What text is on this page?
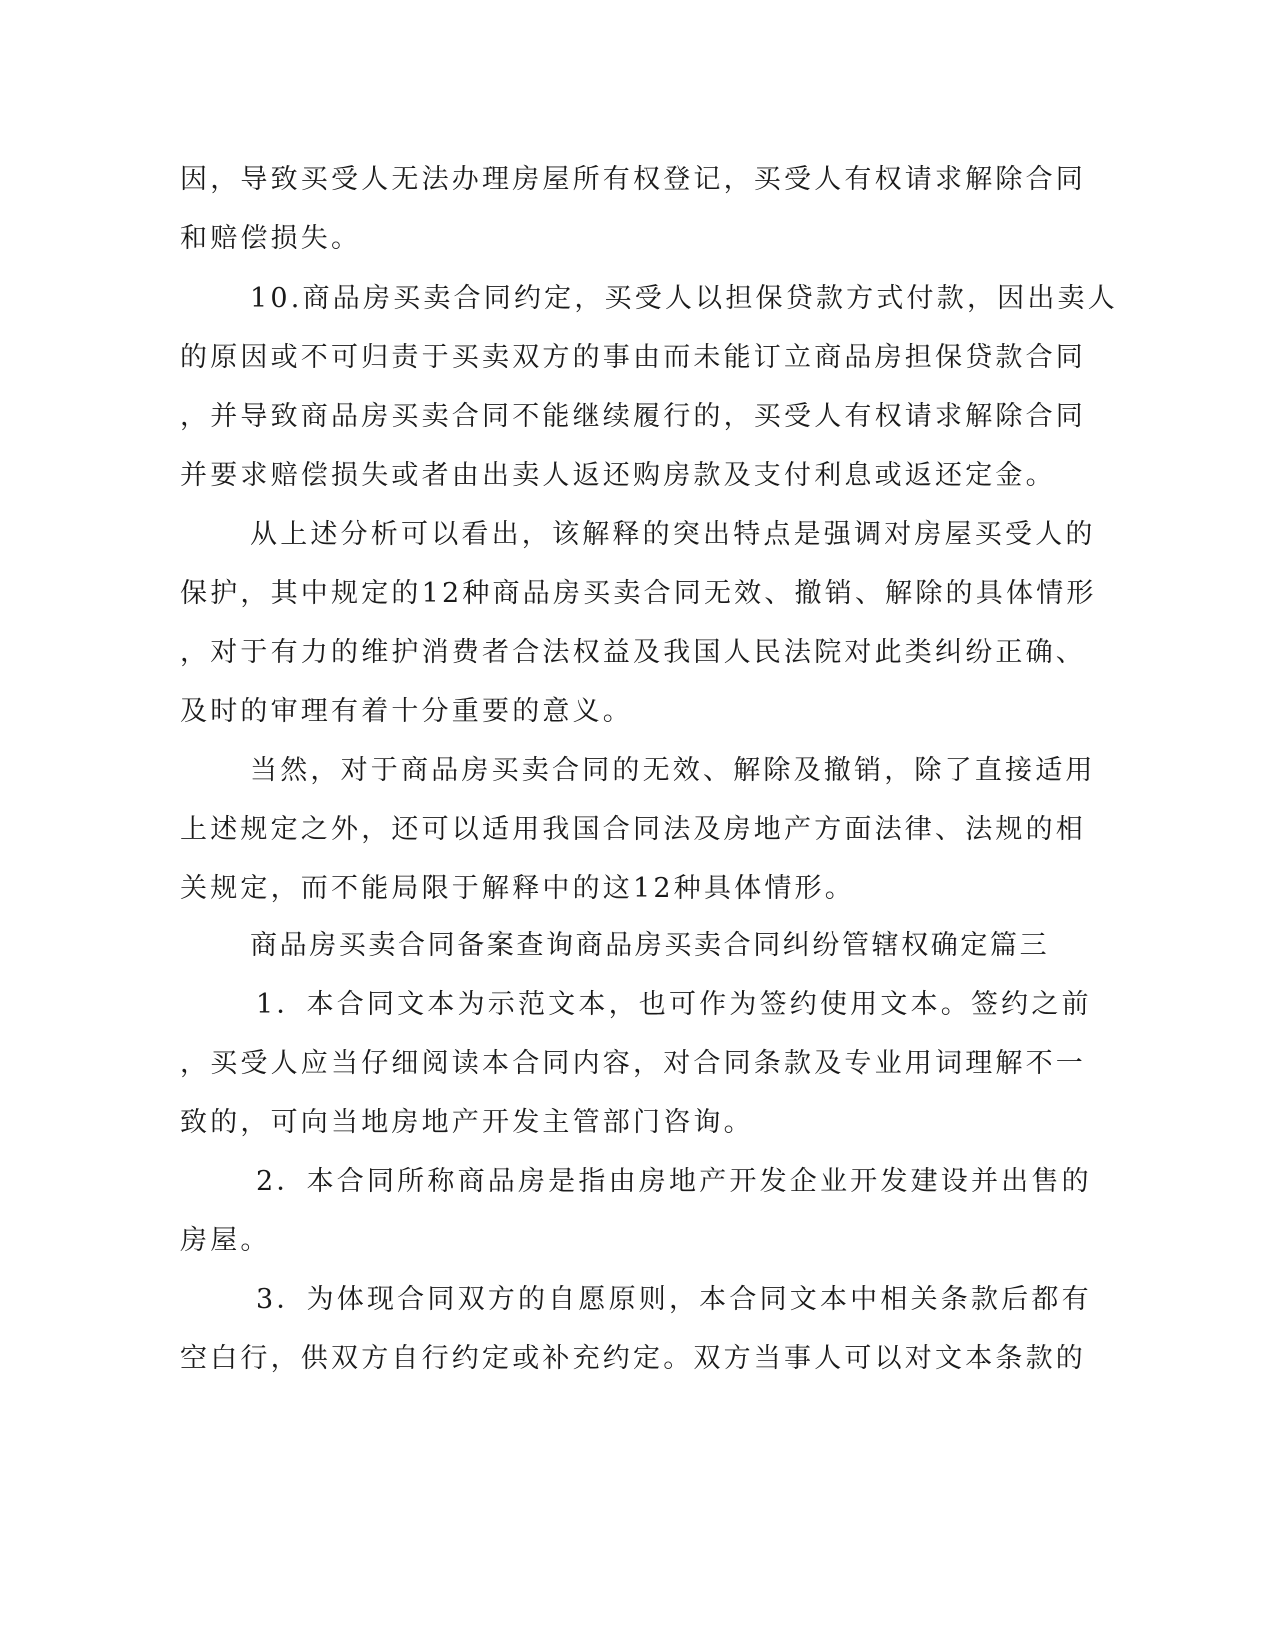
因，导致买受人无法办理房屋所有权登记，买受人有权请求解除合同

和赔偿损失。

10.商品房买卖合同约定，买受人以担保贷款方式付款，因出卖人

的原因或不可归责于买卖双方的事由而未能订立商品房担保贷款合同

，并导致商品房买卖合同不能继续履行的，买受人有权请求解除合同

并要求赔偿损失或者由出卖人返还购房款及支付利息或返还定金。

从上述分析可以看出，该解释的突出特点是强调对房屋买受人的

保护，其中规定的12种商品房买卖合同无效、撤销、解除的具体情形

，对于有力的维护消费者合法权益及我国人民法院对此类纠纷正确、

及时的审理有着十分重要的意义。

当然，对于商品房买卖合同的无效、解除及撤销，除了直接适用

上述规定之外，还可以适用我国合同法及房地产方面法律、法规的相

关规定，而不能局限于解释中的这12种具体情形。

商品房买卖合同备案查询商品房买卖合同纠纷管辖权确定篇三

1．本合同文本为示范文本，也可作为签约使用文本。签约之前

，买受人应当仔细阅读本合同内容，对合同条款及专业用词理解不一

致的，可向当地房地产开发主管部门咨询。

2．本合同所称商品房是指由房地产开发企业开发建设并出售的

房屋。

3．为体现合同双方的自愿原则，本合同文本中相关条款后都有

空白行，供双方自行约定或补充约定。双方当事人可以对文本条款的
